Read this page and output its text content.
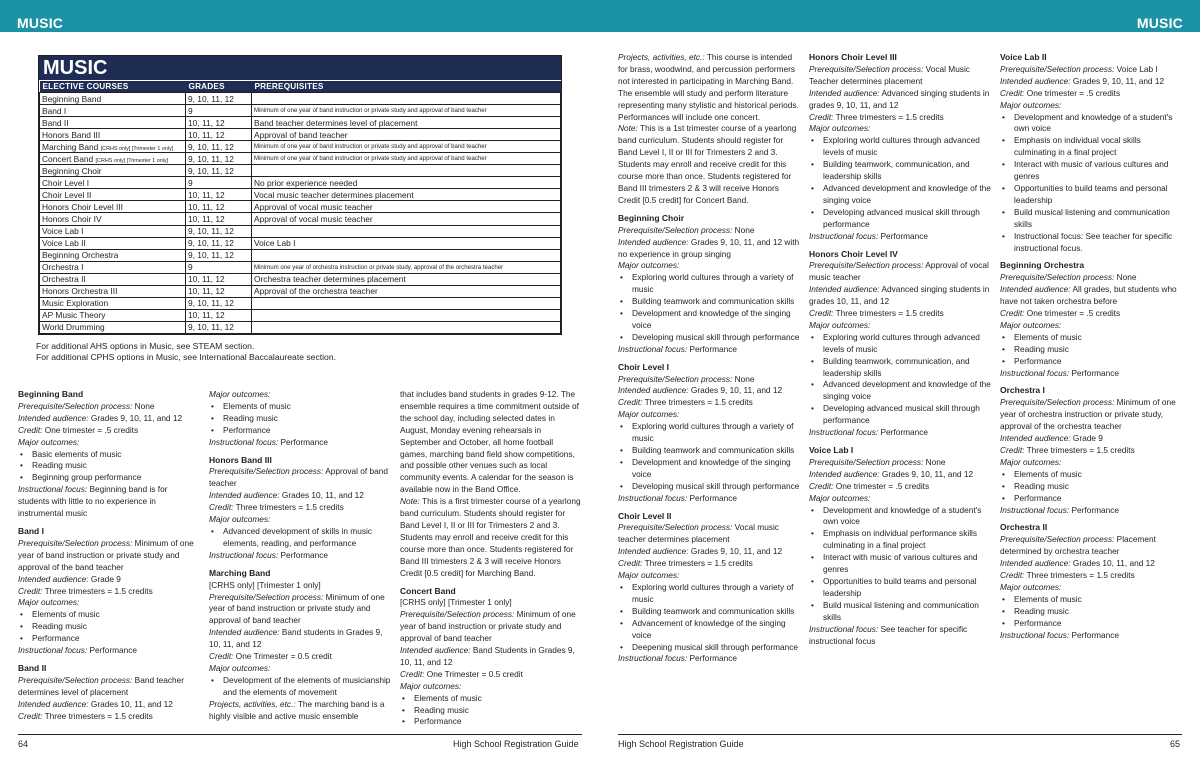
MUSIC	MUSIC
MUSIC
ELECTIVE COURSES	GRADES	PREREQUISITES
Beginning Band	9, 10, 11, 12	
Band I	9	Minimum of one year of band instruction or private study and approval of band teacher
Band II	10, 11, 12	Band teacher determines level of placement
Honors Band III	10, 11, 12	Approval of band teacher
Marching Band [CRHS only] [Trimester 1 only]	9, 10, 11, 12	Minimum of one year of band instruction or private study and approval of band teacher
Concert Band [CRHS only] [Trimester 1 only]	9, 10, 11, 12	Minimum of one year of band instruction or private study and approval of band teacher
Beginning Choir	9, 10, 11, 12	
Choir Level I	9	No prior experience needed
Choir Level II	10, 11, 12	Vocal music teacher determines placement
Honors Choir Level III	10, 11, 12	Approval of vocal music teacher
Honors Choir IV	10, 11, 12	Approval of vocal music teacher
Voice Lab I	9, 10, 11, 12	
Voice Lab II	9, 10, 11, 12	Voice Lab I
Beginning Orchestra	9, 10, 11, 12	
Orchestra I	9	Minimum one year of orchestra instruction or private study, approval of the orchestra teacher
Orchestra II	10, 11, 12	Orchestra teacher determines placement
Honors Orchestra III	10, 11, 12	Approval of the orchestra teacher
Music Exploration	9, 10, 11, 12	
AP Music Theory	10, 11, 12	
World Drumming	9, 10, 11, 12	
For additional AHS options in Music, see STEAM section.
For additional CPHS options in Music, see International Baccalaureate section.
Beginning Band

Prerequisite/Selection process: None

Intended audience: Grades 9, 10, 11, and 12

Credit: One trimester = .5 credits

Major outcomes:

• Basic elements of music
• Reading music
• Beginning group performance

Instructional focus: Beginning band is for students with little to no experience in instrumental music

Band I

Prerequisite/Selection process: Minimum of one year of band instruction or private study and approval of the band teacher

Intended audience: Grade 9

Credit: Three trimesters = 1.5 credits

Major outcomes:

• Elements of music
• Reading music
• Performance

Instructional focus: Performance

Band II

Prerequisite/Selection process: Band teacher determines level of placement

Intended audience: Grades 10, 11, and 12

Credit: Three trimesters = 1.5 credits

Major outcomes:

• Elements of music
• Reading music
• Performance

Instructional focus: Performance

Honors Band III

Prerequisite/Selection process: Approval of band teacher

Intended audience: Grades 10, 11, and 12

Credit: Three trimesters = 1.5 credits

Major outcomes:

• Advanced development of skills in music elements, reading, and performance

Instructional focus: Performance

Marching Band

[CRHS only] [Trimester 1 only]

Prerequisite/Selection process: Minimum of one year of band instruction or private study and approval of band teacher

Intended audience: Band students in Grades 9, 10, 11, and 12

Credit: One Trimester = 0.5 credit

Major outcomes:

• Development of the elements of musicianship and the elements of movement

Projects, activities, etc.: The marching band is a highly visible and active music ensemble

that includes band students in grades 9-12. The ensemble requires a time commitment outside of the school day, including selected dates in August, Monday evening rehearsals in September and October, all home football games, marching band field show competitions, and possible other venues such as local community events. A calendar for the season is available now in the Band Office.

Note: This is a first trimester course of a yearlong band curriculum. Students should register for Band Level I, II or III for Trimesters 2 and 3. Students may enroll and receive credit for this course more than once. Students registered for Band III trimesters 2 & 3 will receive Honors Credit [0.5 credit] for Marching Band.

Concert Band

[CRHS only] [Trimester 1 only]

Prerequisite/Selection process: Minimum of one year of band instruction or private study and approval of band teacher

Intended audience: Band Students in Grades 9, 10, 11, and 12

Credit: One Trimester = 0.5 credit

Major outcomes:

• Elements of music
• Reading music
• Performance

Projects, activities, etc.: This course is intended for brass, woodwind, and percussion performers not interested in participating in Marching Band. The ensemble will study and perform literature representing many stylistic and historical periods. Performances will include one concert.

Note: This is a 1st trimester course of a yearlong band curriculum. Students should register for Band Level I, II or III for Trimesters 2 and 3. Students may enroll and receive credit for this course more than once. Students registered for Band III trimesters 2 & 3 will receive Honors Credit [0.5 credit] for Concert Band.

Beginning Choir

Prerequisite/Selection process: None

Intended audience: Grades 9, 10, 11, and 12 with no experience in group singing

Major outcomes:

• Exploring world cultures through a variety of music
• Building teamwork and communication skills
• Development and knowledge of the singing voice
• Developing musical skill through performance

Instructional focus: Performance

Choir Level I

Prerequisite/Selection process: None

Intended audience: Grades 9, 10, 11, and 12

Credit: Three trimesters = 1.5 credits

Major outcomes:

• Exploring world cultures through a variety of music
• Building teamwork and communication skills
• Development and knowledge of the singing voice
• Developing musical skill through performance

Instructional focus: Performance

Choir Level II

Prerequisite/Selection process: Vocal music teacher determines placement

Intended audience: Grades 9, 10, 11, and 12

Credit: Three trimesters = 1.5 credits

Major outcomes:

• Exploring world cultures through a variety of music
• Building teamwork and communication skills
• Advancement of knowledge of the singing voice
• Deepening musical skill through performance

Instructional focus: Performance

Honors Choir Level III

Prerequisite/Selection process: Vocal Music Teacher determines placement

Intended audience: Advanced singing students in grades 9, 10, 11, and 12

Credit: Three trimesters = 1.5 credits

Major outcomes:

• Exploring world cultures through advanced levels of music
• Building teamwork, communication, and leadership skills
• Advanced development and knowledge of the singing voice
• Developing advanced musical skill through performance

Instructional focus: Performance

Honors Choir Level IV

Prerequisite/Selection process: Approval of vocal music teacher

Intended audience: Advanced singing students in grades 10, 11, and 12

Credit: Three trimesters = 1.5 credits

Major outcomes:

• Exploring world cultures through advanced levels of music
• Building teamwork, communication, and leadership skills
• Advanced development and knowledge of the singing voice
• Developing advanced musical skill through performance

Instructional focus: Performance

Voice Lab I

Prerequisite/Selection process: None

Intended audience: Grades 9, 10, 11, and 12

Credit: One trimester = .5 credits

Major outcomes:

• Development and knowledge of a student's own voice
• Emphasis on individual performance skills culminating in a final project
• Interact with music of various cultures and genres
• Opportunities to build teams and personal leadership
• Build musical listening and communication skills

Instructional focus: See teacher for specific instructional focus

Voice Lab II

Prerequisite/Selection process: Voice Lab I

Intended audience: Grades 9, 10, 11, and 12

Credit: One trimester = .5 credits

Major outcomes:

• Development and knowledge of a student's own voice
• Emphasis on individual vocal skills culminating in a final project
• Interact with music of various cultures and genres
• Opportunities to build teams and personal leadership
• Build musical listening and communication skills
• Instructional focus: See teacher for specific instructional focus.
Beginning Orchestra

Prerequisite/Selection process: None

Intended audience: All grades, but students who have not taken orchestra before

Credit: One trimester = .5 credits

Major outcomes:

• Elements of music
• Reading music
• Performance

Instructional focus: Performance

Orchestra I

Prerequisite/Selection process: Minimum of one year of orchestra instruction or private study, approval of the orchestra teacher

Intended audience: Grade 9

Credit: Three trimesters = 1.5 credits

Major outcomes:

• Elements of music
• Reading music
• Performance

Instructional focus: Performance

Orchestra II

Prerequisite/Selection process: Placement determined by orchestra teacher

Intended audience: Grades 10, 11, and 12

Credit: Three trimesters = 1.5 credits

Major outcomes:

• Elements of music
• Reading music
• Performance

Instructional focus: Performance

64	High School Registration Guide	High School Registration Guide	65
